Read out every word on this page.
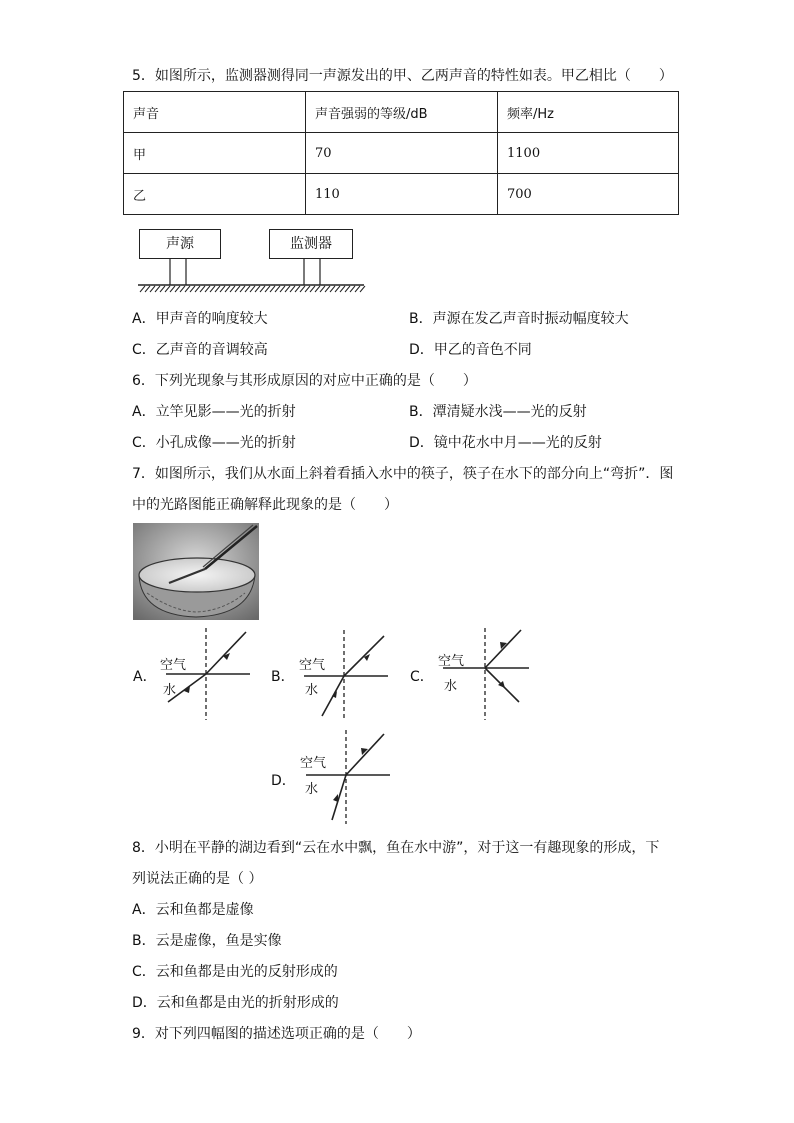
5．如图所示，监测器测得同一声源发出的甲、乙两声音的特性如表。甲乙相比（　　）
声音	声音强弱的等级/dB	频率/Hz
甲	70	1100
乙	110	700
声源	监测器
A．甲声音的响度较大	B．声源在发乙声音时振动幅度较大
C．乙声音的音调较高	D．甲乙的音色不同
6．下列光现象与其形成原因的对应中正确的是（　　）
A．立竿见影——光的折射	B．潭清疑水浅——光的反射
C．小孔成像——光的折射	D．镜中花水中月——光的反射
7．如图所示，我们从水面上斜着看插入水中的筷子，筷子在水下的部分向上“弯折”．图
中的光路图能正确解释此现象的是（　　）
A．
空气
水
B．
空气
水
C．
空气
水
D．
空气
水
8．小明在平静的湖边看到“云在水中飘，鱼在水中游”，对于这一有趣现象的形成，下
列说法正确的是（ ）
A．云和鱼都是虚像
B．云是虚像，鱼是实像
C．云和鱼都是由光的反射形成的
D．云和鱼都是由光的折射形成的
9．对下列四幅图的描述选项正确的是（　　）
